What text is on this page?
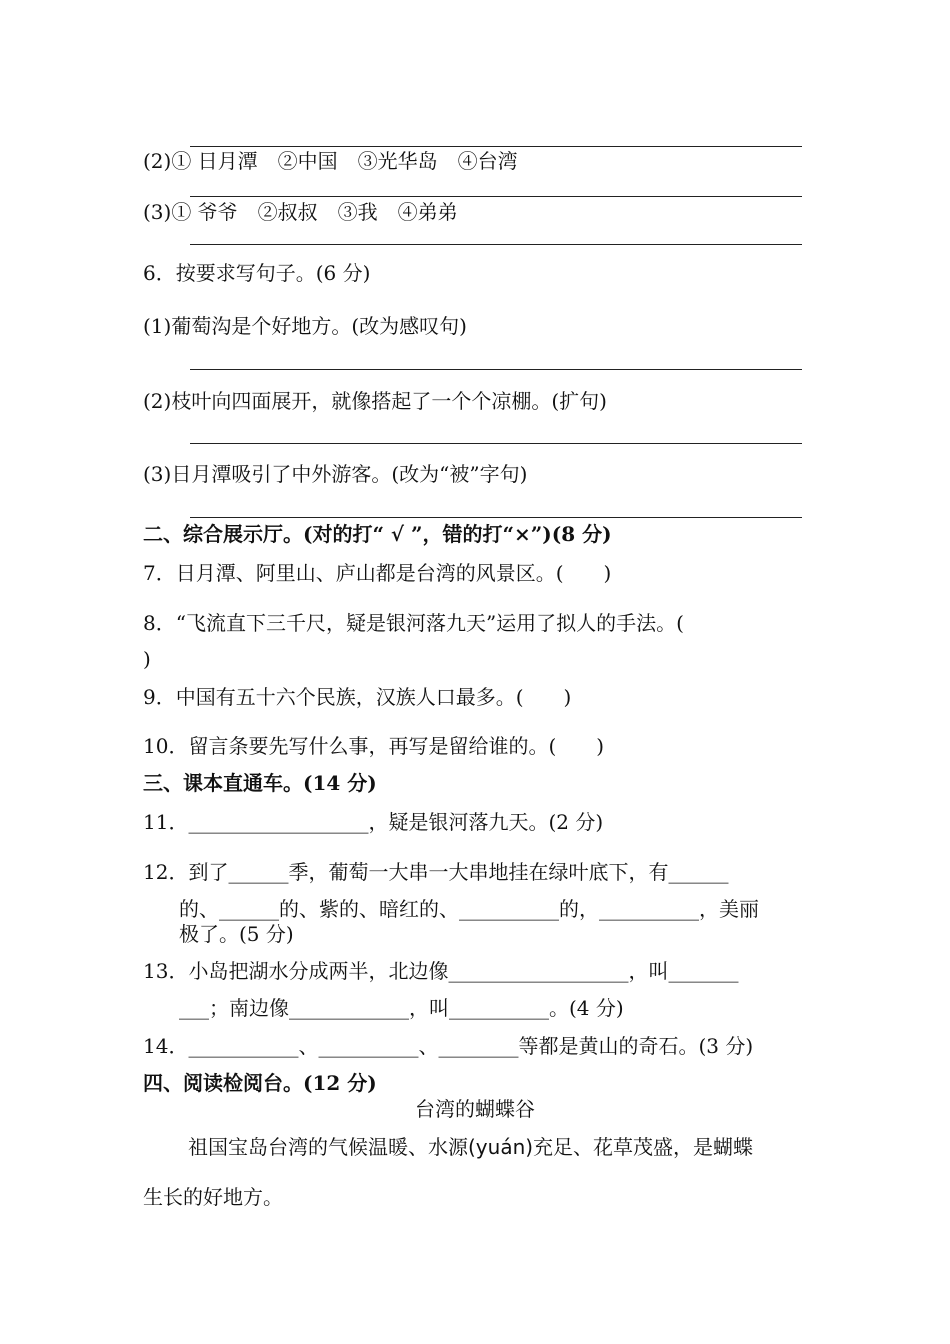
(2)① 日月潭　②中国　③光华岛　④台湾
(3)① 爷爷　②叔叔　③我　④弟弟
6．按要求写句子。(6 分)
(1)葡萄沟是个好地方。(改为感叹句)
(2)枝叶向四面展开，就像搭起了一个个凉棚。(扩句)
(3)日月潭吸引了中外游客。(改为“被”字句)
二、综合展示厅。(对的打“ √ ”，错的打“×”)(8 分)
7．日月潭、阿里山、庐山都是台湾的风景区。(　　)
8．“飞流直下三千尺，疑是银河落九天”运用了拟人的手法。(
)
9．中国有五十六个民族，汉族人口最多。(　　)
10．留言条要先写什么事，再写是留给谁的。(　　)
三、课本直通车。(14 分)
11．__________________，疑是银河落九天。(2 分)
12．到了______季，葡萄一大串一大串地挂在绿叶底下，有______
的、______的、紫的、暗红的、__________的，__________，美丽
极了。(5 分)
13．小岛把湖水分成两半，北边像__________________，叫_______
___；南边像____________，叫__________。(4 分)
14．___________、__________、________等都是黄山的奇石。(3 分)
四、阅读检阅台。(12 分)
台湾的蝴蝶谷
祖国宝岛台湾的气候温暖、水源(yuán)充足、花草茂盛，是蝴蝶
生长的好地方。
